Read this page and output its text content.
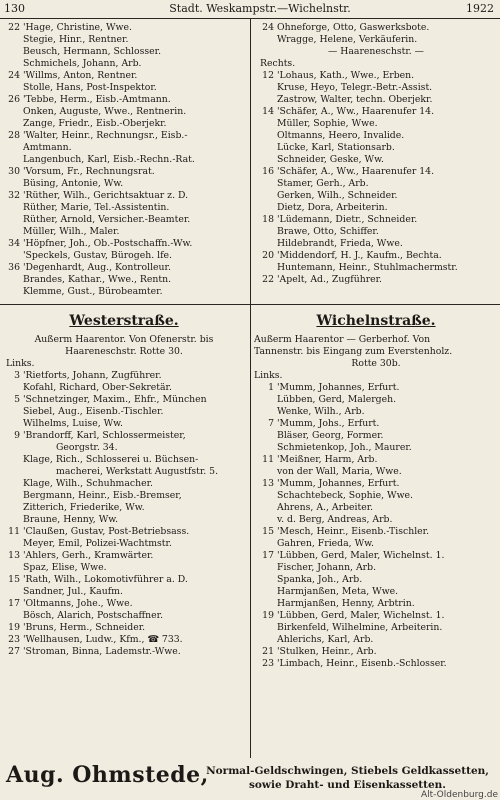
130	Stadt. Weskampstr.—Wichelnstr.	1922
22 'Hage, Christine, Wwe.
Stegie, Hinr., Rentner.
Beusch, Hermann, Schlosser.
Schmichels, Johann, Arb.
24 'Willms, Anton, Rentner.
Stolle, Hans, Post-Inspektor.
26 'Tebbe, Herm., Eisb.-Amtmann.
Onken, Auguste, Wwe., Rentnerin.
Zange, Friedr., Eisb.-Oberjekr.
28 'Walter, Heinr., Rechnungsr., Eisb.-
Amtmann.
Langenbuch, Karl, Eisb.-Rechn.-Rat.
30 'Vorsum, Fr., Rechnungsrat.
Büsing, Antonie, Ww.
32 'Rüther, Wilh., Gerichtsaktuar z. D.
Rüther, Marie, Tel.-Assistentin.
Rüther, Arnold, Versicher.-Beamter.
Müller, Wilh., Maler.
34 'Höpfner, Joh., Ob.-Postschaffn.-Ww.
'Speckels, Gustav, Bürogeh. lfe.
36 'Degenhardt, Aug., Kontrolleur.
Brandes, Kathar., Wwe., Rentn.
Klemme, Gust., Bürobeamter.
24 Ohneforge, Otto, Gaswerksbote.
Wragge, Helene, Verkäuferin.
— Haareneschstr. —
Rechts.
12 'Lohaus, Kath., Wwe., Erben.
Kruse, Heyo, Telegr.-Betr.-Assist.
Zastrow, Walter, techn. Oberjekr.
14 'Schäfer, A., Ww., Haarenufer 14.
Müller, Sophie, Wwe.
Oltmanns, Heero, Invalide.
Lücke, Karl, Stationsarb.
Schneider, Geske, Ww.
16 'Schäfer, A., Ww., Haarenufer 14.
Stamer, Gerh., Arb.
Gerken, Wilh., Schneider.
Dietz, Dora, Arbeiterin.
18 'Lüdemann, Dietr., Schneider.
Brawe, Otto, Schiffer.
Hildebrandt, Frieda, Wwe.
20 'Middendorf, H. J., Kaufm., Bechta.
Huntemann, Heinr., Stuhlmachermstr.
22 'Apelt, Ad., Zugführer.
Westerstraße.
Außerm Haarentor. Von Ofenerstr. bis
Haareneschstr. Rotte 30.
Links.
3 'Rietforts, Johann, Zugführer.
Kofahl, Richard, Ober-Sekretär.
5 'Schnetzinger, Maxim., Ehfr., München
Siebel, Aug., Eisenb.-Tischler.
Wilhelms, Luise, Ww.
9 'Brandorff, Karl, Schlossermeister,
Georgstr. 34.
Klage, Rich., Schlosserei u. Büchsen-
macherei, Werkstatt Augustfstr. 5.
Klage, Wilh., Schuhmacher.
Bergmann, Heinr., Eisb.-Bremser,
Zitterich, Friederike, Ww.
Braune, Henny, Ww.
11 'Claußen, Gustav, Post-Betriebsass.
Meyer, Emil, Polizei-Wachtmstr.
13 'Ahlers, Gerh., Kramwärter.
Spaz, Elise, Wwe.
15 'Rath, Wilh., Lokomotivführer a. D.
Sandner, Jul., Kaufm.
17 'Oltmanns, Johe., Wwe.
Bösch, Alarich, Postschaffner.
19 'Bruns, Herm., Schneider.
23 'Wellhausen, Ludw., Kfm., ☎ 733.
27 'Stroman, Binna, Lademstr.-Wwe.
Wichelnstraße.
Außerm Haarentor — Gerberhof. Von
Tannenstr. bis Eingang zum Everstenholz.
Rotte 30b.
Links.
1 'Mumm, Johannes, Erfurt.
Lübben, Gerd, Malergeh.
Wenke, Wilh., Arb.
7 'Mumm, Johs., Erfurt.
Bläser, Georg, Former.
Schmietenkop, Joh., Maurer.
11 'Meißner, Harm, Arb.
von der Wall, Maria, Wwe.
13 'Mumm, Johannes, Erfurt.
Schachtebeck, Sophie, Wwe.
Ahrens, A., Arbeiter.
v. d. Berg, Andreas, Arb.
15 'Mesch, Heinr., Eisenb.-Tischler.
Gahren, Frieda, Ww.
17 'Lübben, Gerd, Maler, Wichelnst. 1.
Fischer, Johann, Arb.
Spanka, Joh., Arb.
Harmjanßen, Meta, Wwe.
Harmjanßen, Henny, Arbtrin.
19 'Lübben, Gerd, Maler, Wichelnst. 1.
Birkenfeld, Wilhelmine, Arbeiterin.
Ahlerichs, Karl, Arb.
21 'Stulken, Heinr., Arb.
23 'Limbach, Heinr., Eisenb.-Schlosser.
Aug. Ohmstede,
Normal-Geldschwingen, Stiebels Geldkassetten,
sowie Draht- und Eisenkassetten.
Alt-Oldenburg.de
